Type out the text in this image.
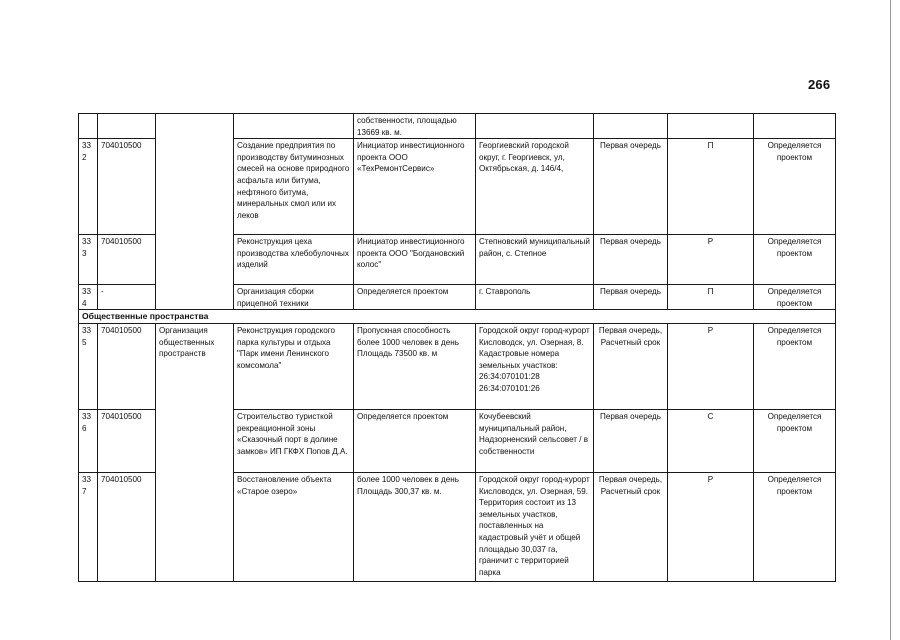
266
				собственности, площадью 13669 кв. м.				
332	704010500		Создание предприятия по производству битуминозных смесей на основе природного асфальта или битума, нефтяного битума, минеральных смол или их леков	Инициатор инвестиционного проекта ООО «ТехРемонтСервис»	Георгиевский городской округ, г. Георгиевск, ул, Октябрьская, д. 146/4,	Первая очередь	П	Определяется проектом
333	704010500		Реконструкция цеха производства хлебобулочных изделий	Инициатор инвестиционного проекта ООО "Богдановский колос"	Степновский муниципальный район, с. Степное	Первая очередь	Р	Определяется проектом
334	-		Организация сборки прицепной техники	Определяется проектом	г. Ставрополь	Первая очередь	П	Определяется проектом
Общественные пространства								
335	704010500	Организация общественных пространств	Реконструкция городского парка культуры и отдыха "Парк имени Ленинского комсомола"	Пропускная способность более 1000 человек в день Площадь 73500 кв. м	Городской округ город-курорт Кисловодск, ул. Озерная, 8. Кадастровые номера земельных участков: 26:34:070101:28 26:34:070101:26	Первая очередь, Расчетный срок	Р	Определяется проектом
336	704010500		Строительство туристкой рекреационной зоны «Сказочный порт в долине замков» ИП ГКФХ Попов Д.А.	Определяется проектом	Кочубеевский муниципальный район, Надзорненский сельсовет / в собственности	Первая очередь	С	Определяется проектом
337	704010500		Восстановление объекта «Старое озеро»	более 1000 человек в день Площадь 300,37 кв. м.	Городской округ город-курорт Кисловодск, ул. Озерная, 59. Территория состоит из 13 земельных участков, поставленных на кадастровый учёт и общей площадью 30,037 га, граничит с территорией парка	Первая очередь, Расчетный срок	Р	Определяется проектом
